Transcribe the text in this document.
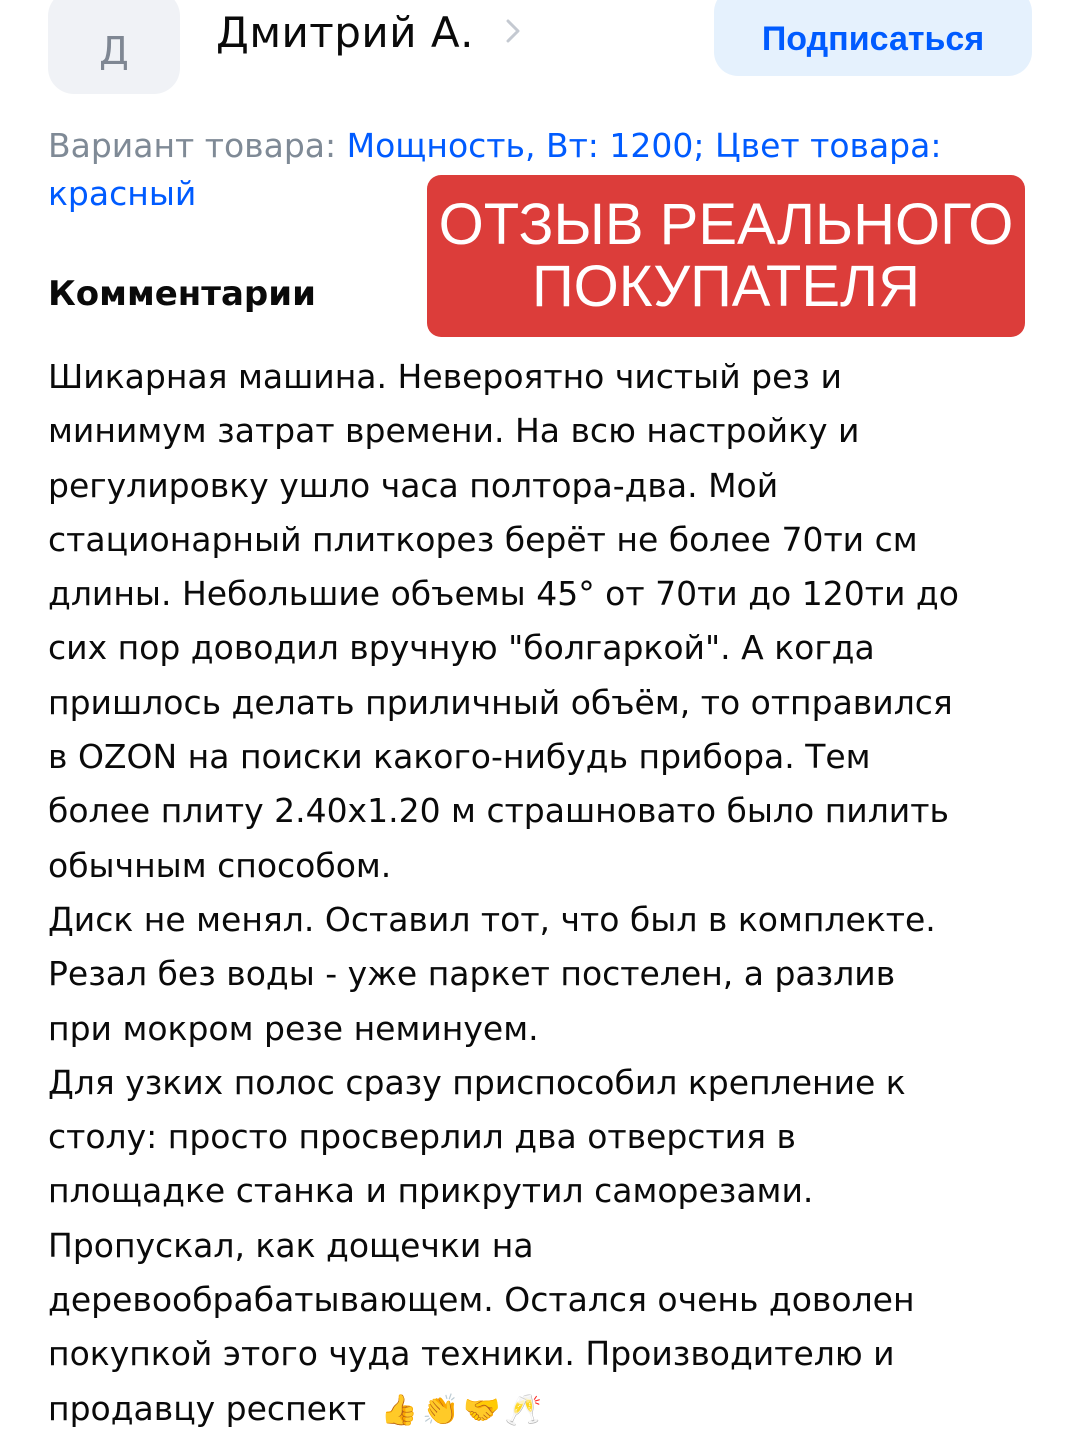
Д Дмитрий А.	Подписаться
Вариант товара: Мощность, Вт: 1200; Цвет товара:
красный	ОТЗЫВ РЕАЛЬНОГО
ПОКУПАТЕЛЯ
Комментарии
Шикарная машина. Невероятно чистый рез и
минимум затрат времени. На всю настройку и
регулировку ушло часа полтора-два. Мой
стационарный плиткорез берёт не более 70ти см
длины. Небольшие объемы 45° от 70ти до 120ти до
сих пор доводил вручную "болгаркой". А когда
пришлось делать приличный объём, то отправился
в OZON на поиски какого-нибудь прибора. Тем
более плиту 2.40x1.20 м страшновато было пилить
обычным способом.
Диск не менял. Оставил тот, что был в комплекте.
Резал без воды - уже паркет постелен, а разлив
при мокром резе неминуем.
Для узких полос сразу приспособил крепление к
столу: просто просверлил два отверстия в
площадке станка и прикрутил саморезами.
Пропускал, как дощечки на
деревообрабатывающем. Остался очень доволен
покупкой этого чуда техники. Производителю и
продавцу респект 👍 👏 🤝 🥂
